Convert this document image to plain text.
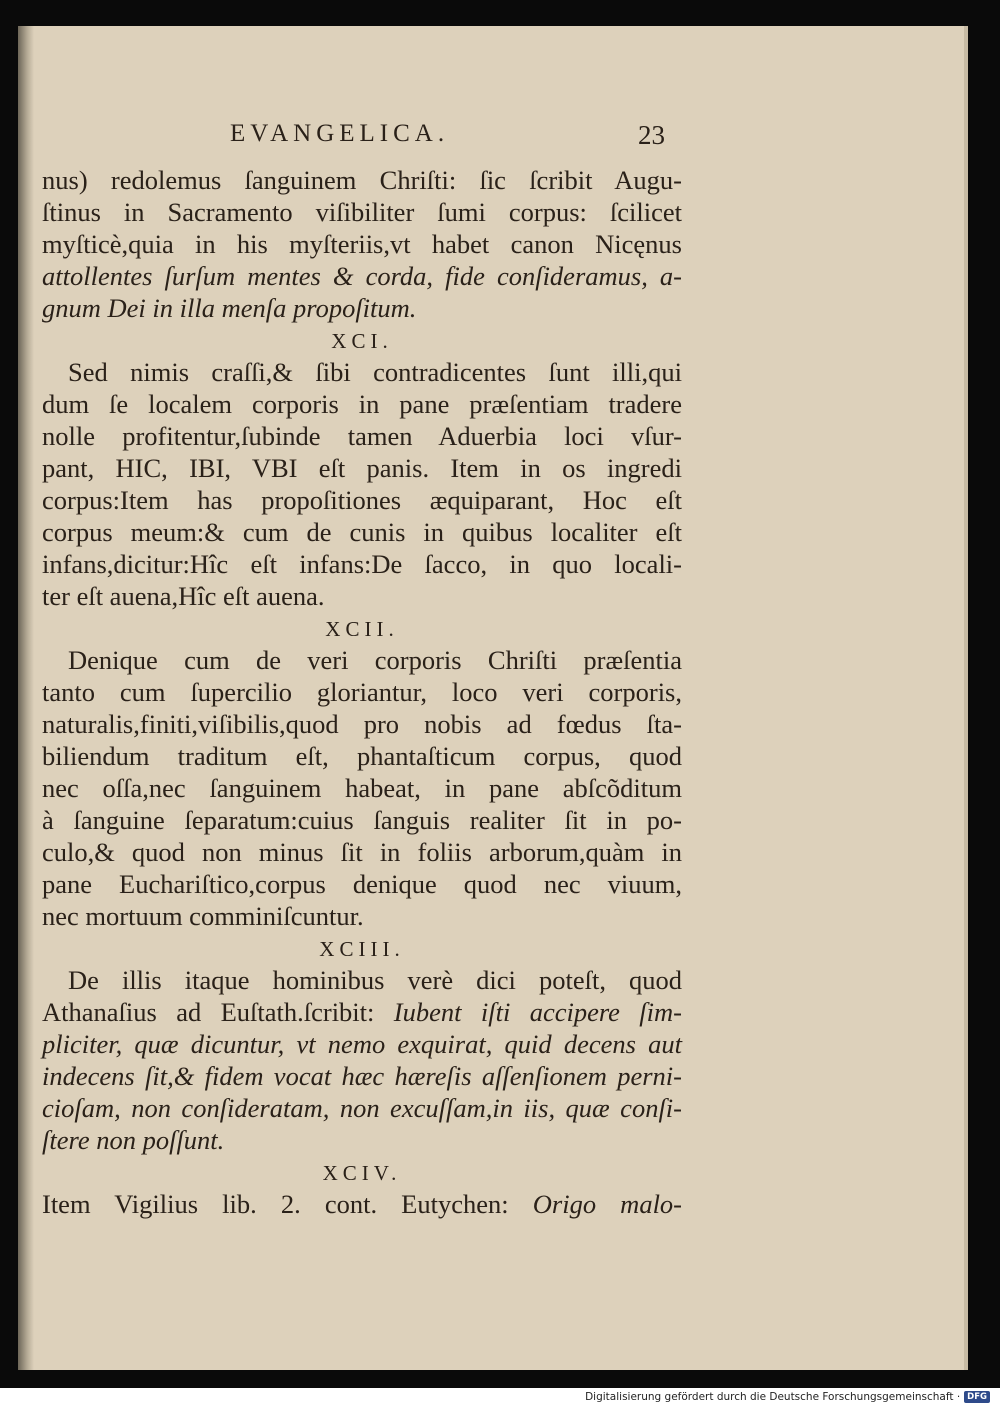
EVANGELICA.	23
nus) redolemus ſanguinem Chriſti: ſic ſcribit Augu-
ſtinus in Sacramento viſibiliter ſumi corpus: ſcilicet
myſticè,quia in his myſteriis,vt habet canon Nicęnus
attollentes ſurſum mentes & corda, fide conſideramus, a-
gnum Dei in illa menſa propoſitum.
XCI.
Sed nimis craſſi,& ſibi contradicentes ſunt illi,qui
dum ſe localem corporis in pane præſentiam tradere
nolle profitentur,ſubinde tamen Aduerbia loci vſur-
pant, HIC, IBI, VBI eſt panis. Item in os ingredi
corpus:Item has propoſitiones æquiparant, Hoc eſt
corpus meum:& cum de cunis in quibus localiter eſt
infans,dicitur:Hîc eſt infans:De ſacco, in quo locali-
ter eſt auena,Hîc eſt auena.
XCII.
Denique cum de veri corporis Chriſti præſentia
tanto cum ſupercilio gloriantur, loco veri corporis,
naturalis,finiti,viſibilis,quod pro nobis ad fœdus ſta-
biliendum traditum eſt, phantaſticum corpus, quod
nec oſſa,nec ſanguinem habeat, in pane abſcõditum
à ſanguine ſeparatum:cuius ſanguis realiter ſit in po-
culo,& quod non minus ſit in foliis arborum,quàm in
pane Euchariſtico,corpus denique quod nec viuum,
nec mortuum comminiſcuntur.
XCIII.
De illis itaque hominibus verè dici poteſt, quod
Athanaſius ad Euſtath.ſcribit: Iubent iſti accipere ſim-
pliciter, quæ dicuntur, vt nemo exquirat, quid decens aut
indecens ſit,& fidem vocat hæc hæreſis aſſenſionem perni-
cioſam, non conſideratam, non excuſſam,in iis, quæ conſi-
ſtere non poſſunt.
XCIV.
Item Vigilius lib. 2. cont. Eutychen: Origo malo-
Digitalisierung gefördert durch die Deutsche Forschungsgemeinschaft · DFG
